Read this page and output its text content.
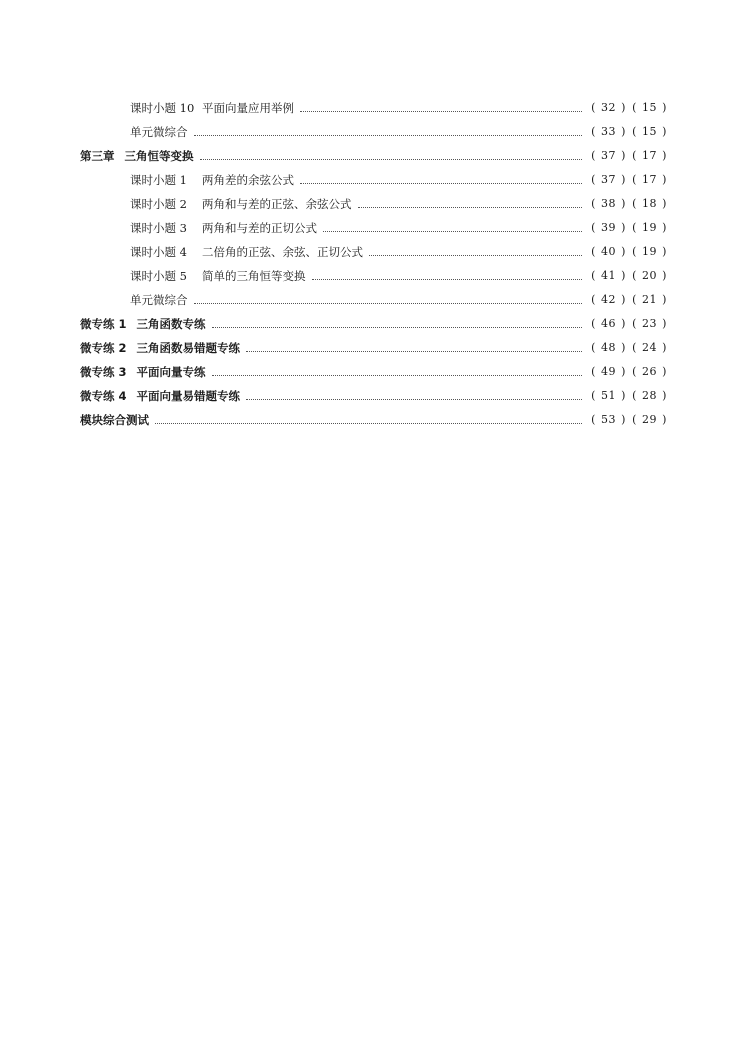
课时小题 10 平面向量应用举例	( 32 ) ( 15 )
单元微综合	( 33 ) ( 15 )
第三章 三角恒等变换	( 37 ) ( 17 )
课时小题 1	两角差的余弦公式	( 37 ) ( 17 )
课时小题 2	两角和与差的正弦、余弦公式	( 38 ) ( 18 )
课时小题 3	两角和与差的正切公式	( 39 ) ( 19 )
课时小题 4	二倍角的正弦、余弦、正切公式	( 40 ) ( 19 )
课时小题 5	简单的三角恒等变换	( 41 ) ( 20 )
单元微综合	( 42 ) ( 21 )
微专练 1 三角函数专练	( 46 ) ( 23 )
微专练 2 三角函数易错题专练	( 48 ) ( 24 )
微专练 3 平面向量专练	( 49 ) ( 26 )
微专练 4 平面向量易错题专练	( 51 ) ( 28 )
模块综合测试	( 53 ) ( 29 )
